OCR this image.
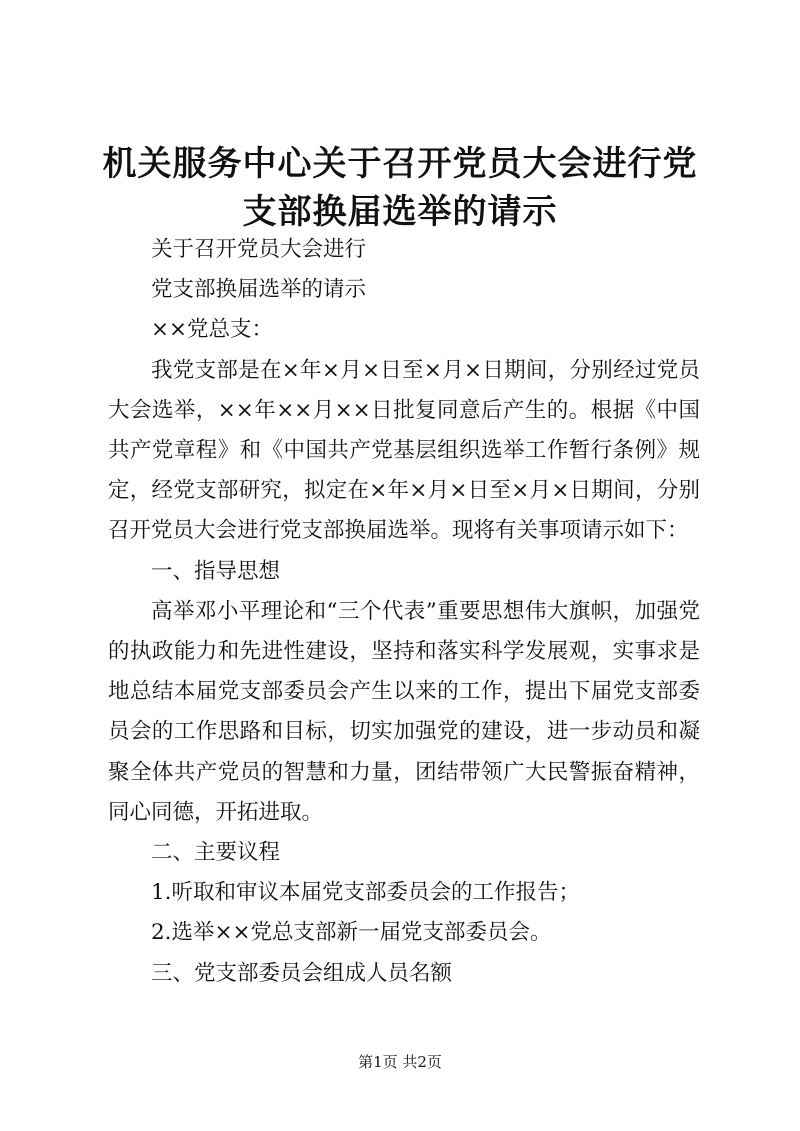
机关服务中心关于召开党员大会进行党支部换届选举的请示

关于召开党员大会进行

党支部换届选举的请示

××党总支：

我党支部是在×年×月×日至×月×日期间，分别经过党员大会选举，××年××月××日批复同意后产生的。根据《中国共产党章程》和《中国共产党基层组织选举工作暂行条例》规定，经党支部研究，拟定在×年×月×日至×月×日期间，分别召开党员大会进行党支部换届选举。现将有关事项请示如下：

一、指导思想

高举邓小平理论和“三个代表”重要思想伟大旗帜，加强党的执政能力和先进性建设，坚持和落实科学发展观，实事求是地总结本届党支部委员会产生以来的工作，提出下届党支部委员会的工作思路和目标，切实加强党的建设，进一步动员和凝聚全体共产党员的智慧和力量，团结带领广大民警振奋精神，同心同德，开拓进取。

二、主要议程

1.听取和审议本届党支部委员会的工作报告；

2.选举××党总支部新一届党支部委员会。

三、党支部委员会组成人员名额

第1页 共2页
